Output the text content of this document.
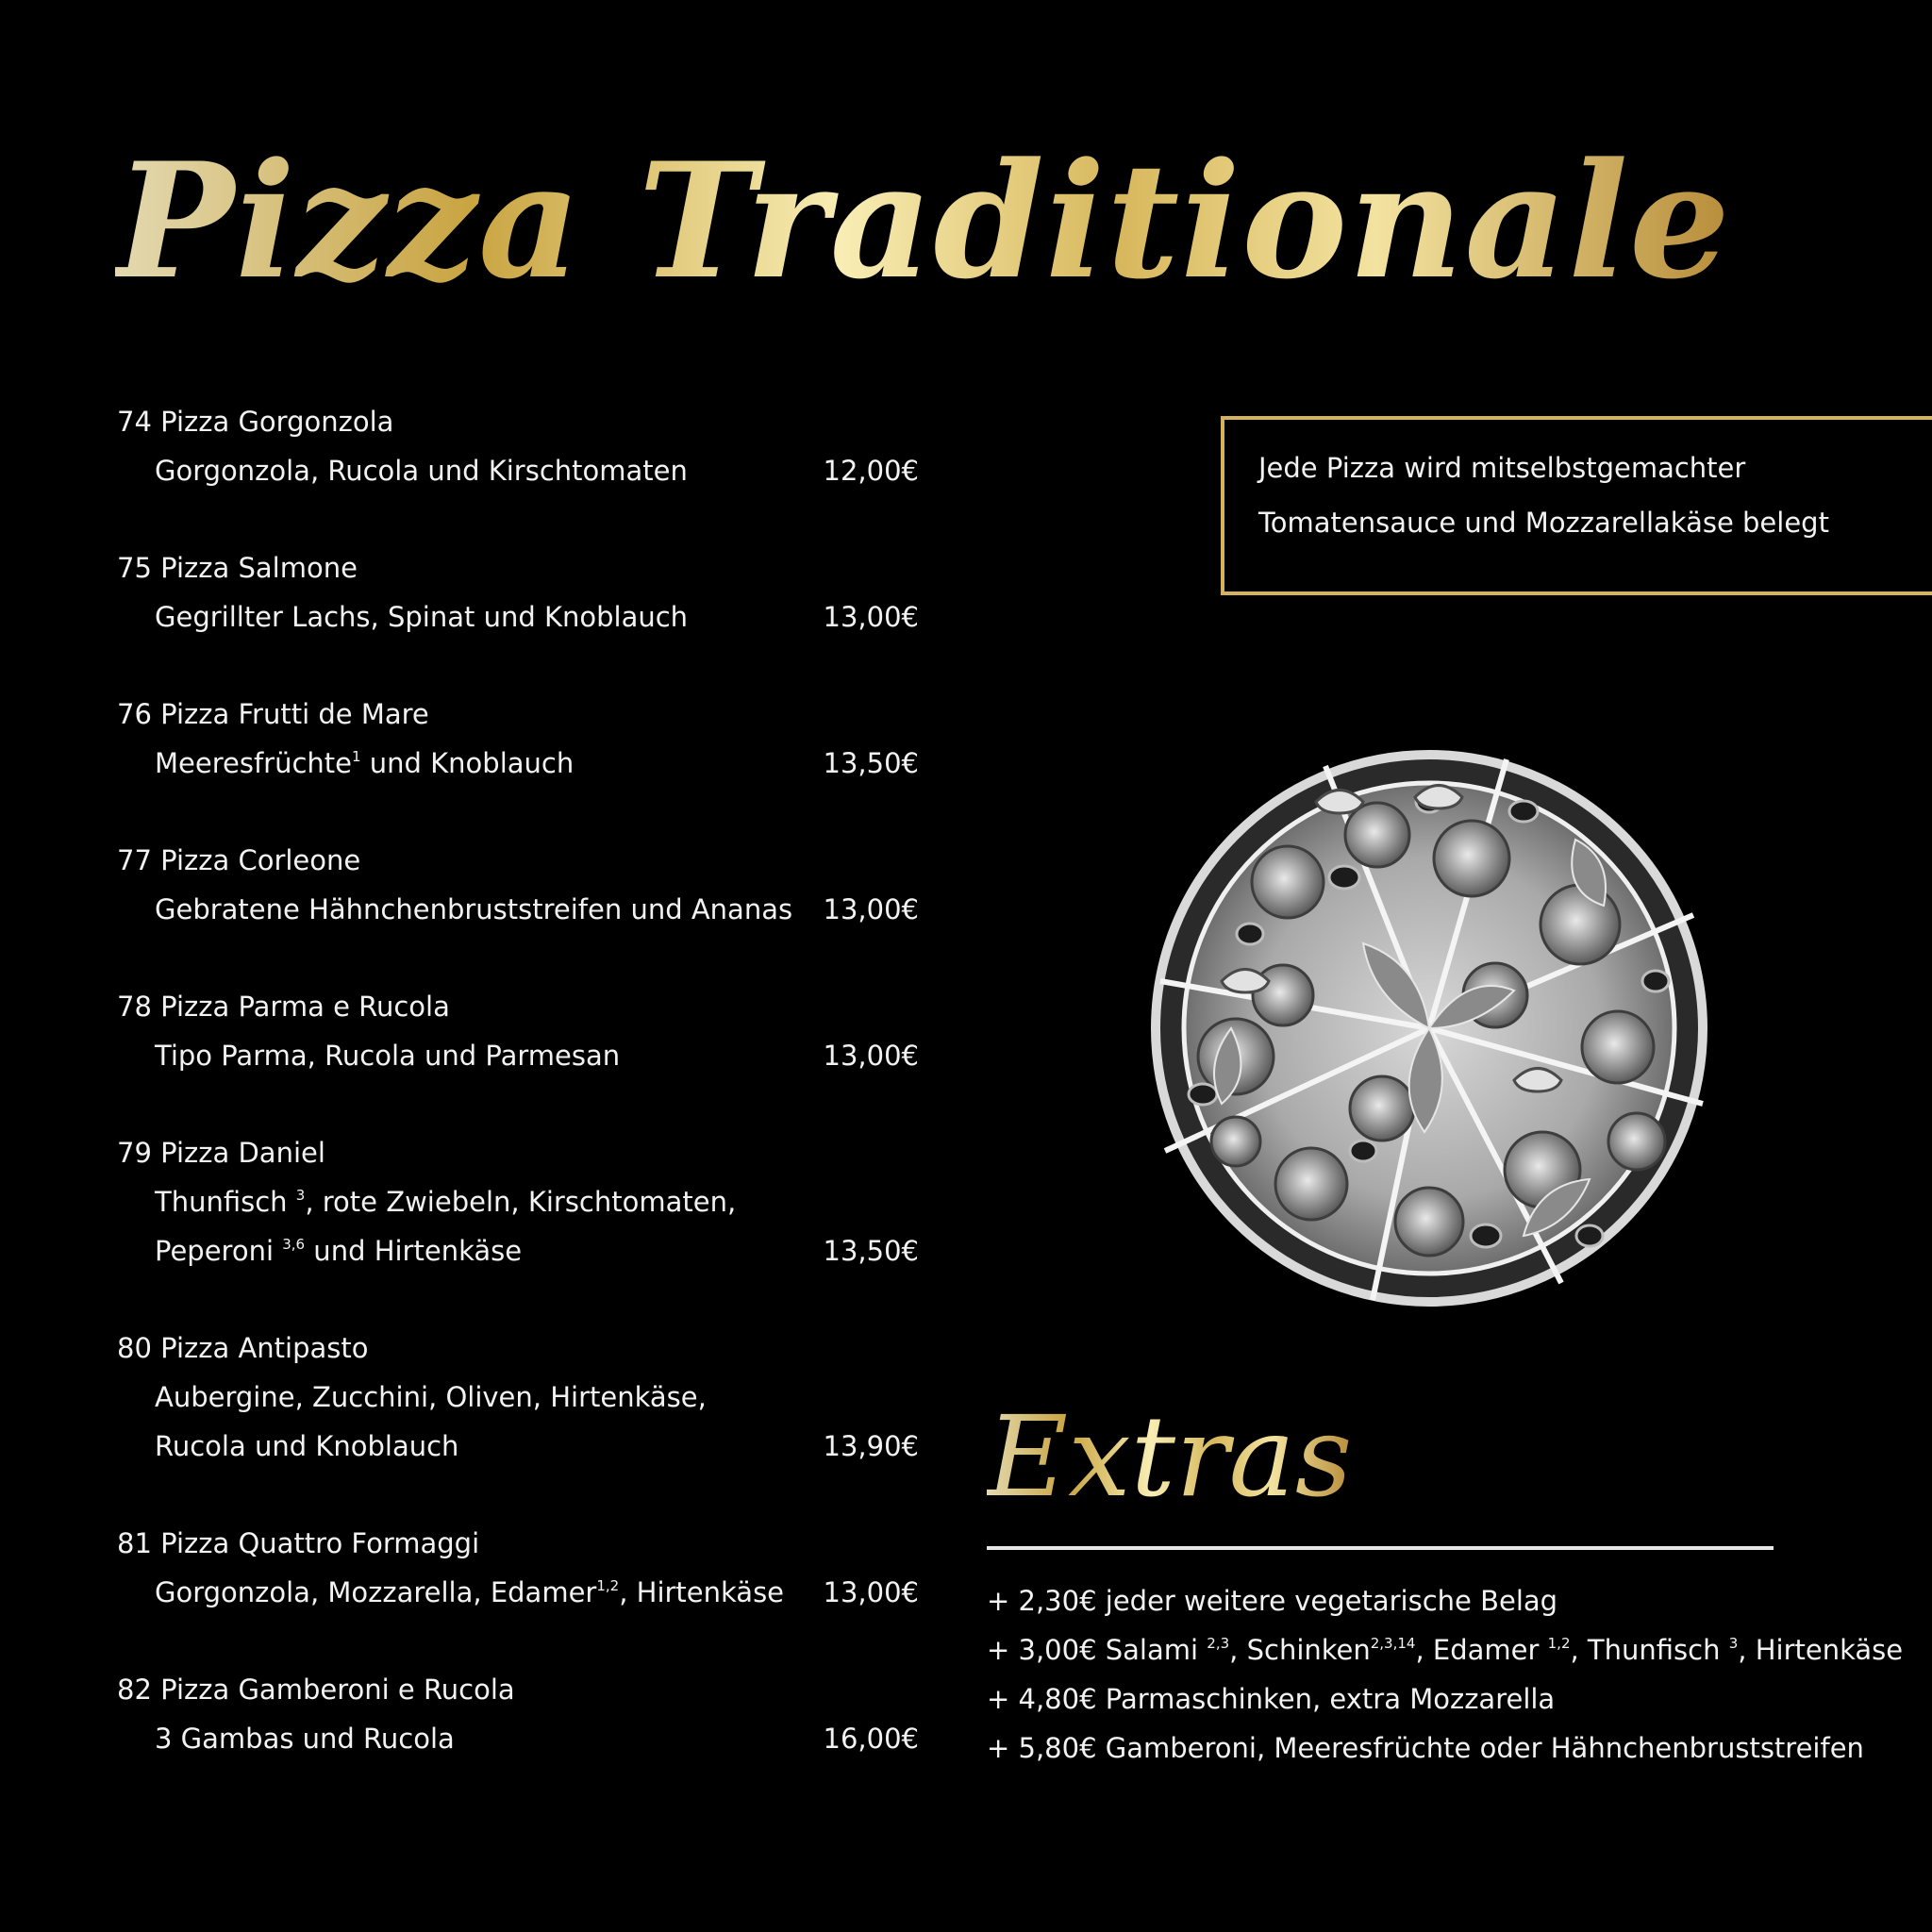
Pizza Traditionale
74 Pizza Gorgonzola
Gorgonzola, Rucola und Kirschtomaten	12,00€
75 Pizza Salmone
Gegrillter Lachs, Spinat und Knoblauch	13,00€
76 Pizza Frutti de Mare
Meeresfrüchte$^1$ und Knoblauch	13,50€
77 Pizza Corleone
Gebratene Hähnchenbruststreifen und Ananas 13,00€
78 Pizza Parma e Rucola
Tipo Parma, Rucola und Parmesan	13,00€
79 Pizza Daniel
Thunfisch $^3$, rote Zwiebeln, Kirschtomaten,
Peperoni $^{3,6}$ und Hirtenkäse	13,50€
80 Pizza Antipasto
Aubergine, Zucchini, Oliven, Hirtenkäse,
Rucola und Knoblauch	13,90€
81 Pizza Quattro Formaggi
Gorgonzola, Mozzarella, Edamer$^{1,2}$, Hirtenkäse 13,00€
82 Pizza Gamberoni e Rucola
3 Gambas und Rucola	16,00€
Jede Pizza wird mitselbstgemachter
Tomatensauce und Mozzarellakäse belegt
Extras
+ 2,30€ jeder weitere vegetarische Belag
+ 3,00€ Salami $^{2,3}$, Schinken$^{2,3,14}$, Edamer $^{1,2}$, Thunfisch $^3$, Hirtenkäse
+ 4,80€ Parmaschinken, extra Mozzarella
+ 5,80€ Gamberoni, Meeresfrüchte oder Hähnchenbruststreifen
